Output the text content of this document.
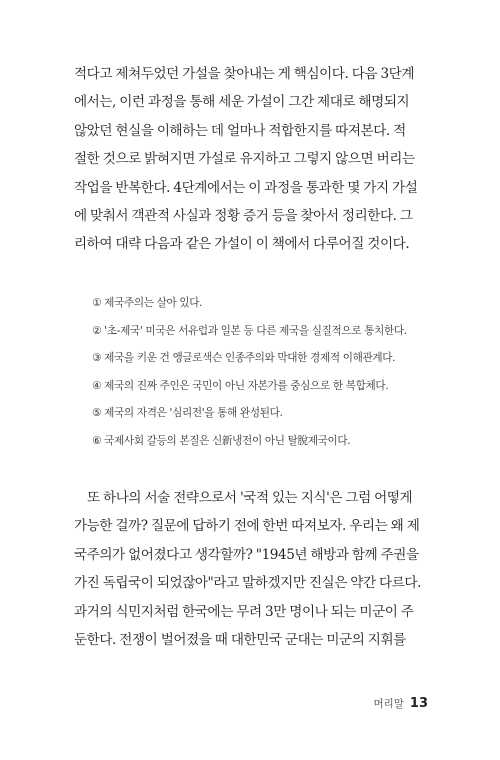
적다고 제쳐두었던 가설을 찾아내는 게 핵심이다. 다음 3단계
에서는, 이런 과정을 통해 세운 가설이 그간 제대로 해명되지
않았던 현실을 이해하는 데 얼마나 적합한지를 따져본다. 적
절한 것으로 밝혀지면 가설로 유지하고 그렇지 않으면 버리는
작업을 반복한다. 4단계에서는 이 과정을 통과한 몇 가지 가설
에 맞춰서 객관적 사실과 정황 증거 등을 찾아서 정리한다. 그
리하여 대략 다음과 같은 가설이 이 책에서 다루어질 것이다.
① 제국주의는 살아 있다.
② '초-제국' 미국은 서유럽과 일본 등 다른 제국을 실질적으로 통치한다.
③ 제국을 키운 건 앵글로색슨 인종주의와 막대한 경제적 이해관계다.
④ 제국의 진짜 주인은 국민이 아닌 자본가를 중심으로 한 복합체다.
⑤ 제국의 자격은 '심리전'을 통해 완성된다.
⑥ 국제사회 갈등의 본질은 신新냉전이 아닌 탈脫제국이다.
또 하나의 서술 전략으로서 '국적 있는 지식'은 그럼 어떻게
가능한 걸까? 질문에 답하기 전에 한번 따져보자. 우리는 왜 제
국주의가 없어졌다고 생각할까? "1945년 해방과 함께 주권을
가진 독립국이 되었잖아"라고 말하겠지만 진실은 약간 다르다.
과거의 식민지처럼 한국에는 무려 3만 명이나 되는 미군이 주
둔한다. 전쟁이 벌어졌을 때 대한민국 군대는 미군의 지휘를
머리말 13
